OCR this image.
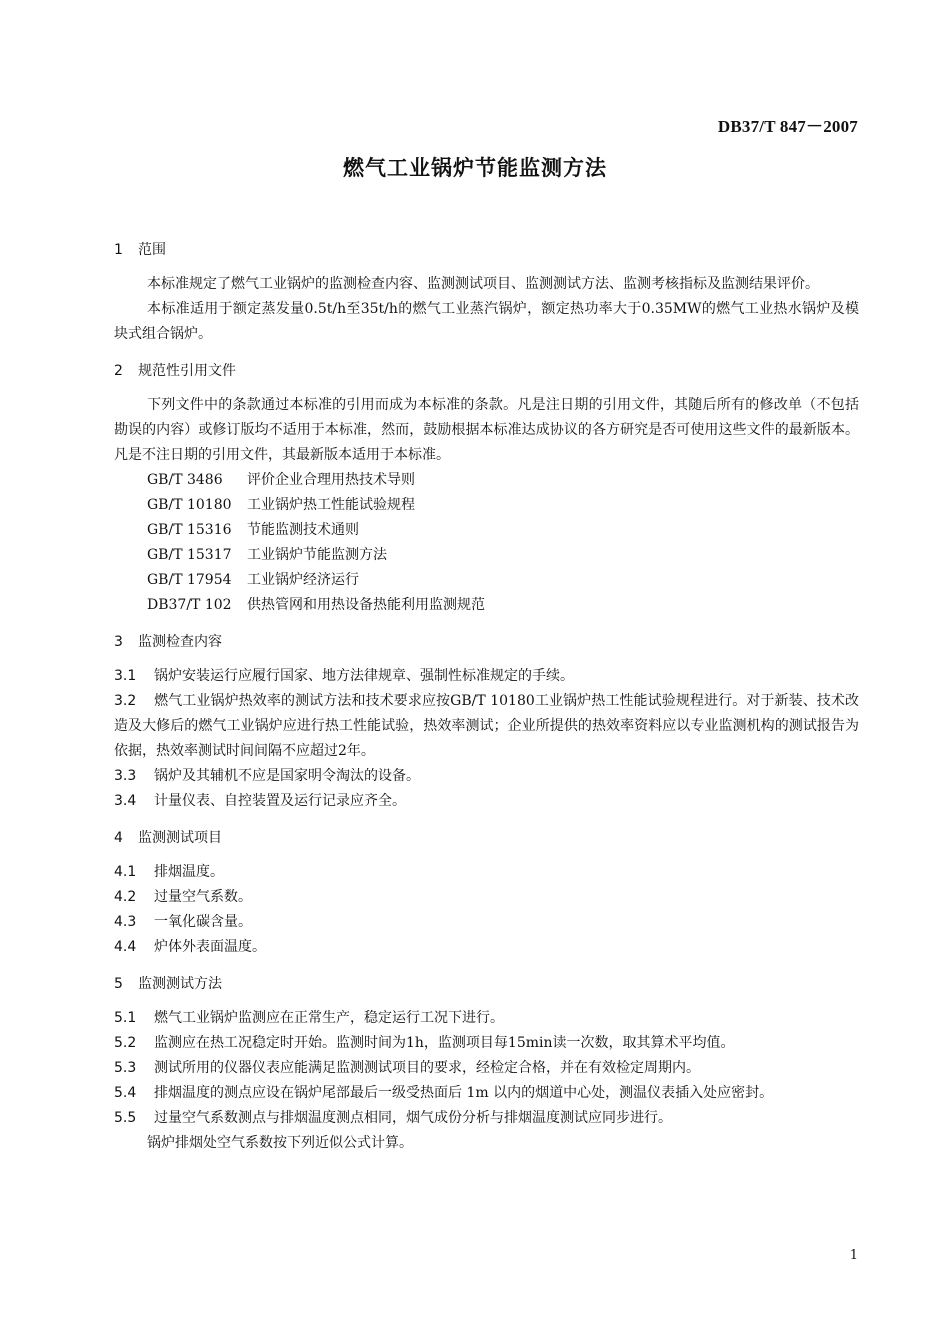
DB37/T 847－2007
燃气工业锅炉节能监测方法
1 范围

本标准规定了燃气工业锅炉的监测检查内容、监测测试项目、监测测试方法、监测考核指标及监测结果评价。

本标准适用于额定蒸发量0.5t/h至35t/h的燃气工业蒸汽锅炉，额定热功率大于0.35MW的燃气工业热水锅炉及模块式组合锅炉。

2 规范性引用文件

下列文件中的条款通过本标准的引用而成为本标准的条款。凡是注日期的引用文件，其随后所有的修改单（不包括勘误的内容）或修订版均不适用于本标准，然而，鼓励根据本标准达成协议的各方研究是否可使用这些文件的最新版本。凡是不注日期的引用文件，其最新版本适用于本标准。

GB/T 3486 评价企业合理用热技术导则
GB/T 10180 工业锅炉热工性能试验规程
GB/T 15316 节能监测技术通则
GB/T 15317 工业锅炉节能监测方法
GB/T 17954 工业锅炉经济运行
DB37/T 102 供热管网和用热设备热能利用监测规范
3 监测检查内容

3.1 锅炉安装运行应履行国家、地方法律规章、强制性标准规定的手续。

3.2 燃气工业锅炉热效率的测试方法和技术要求应按GB/T 10180工业锅炉热工性能试验规程进行。对于新装、技术改造及大修后的燃气工业锅炉应进行热工性能试验，热效率测试；企业所提供的热效率资料应以专业监测机构的测试报告为依据，热效率测试时间间隔不应超过2年。

3.3 锅炉及其辅机不应是国家明令淘汰的设备。

3.4 计量仪表、自控装置及运行记录应齐全。

4 监测测试项目

4.1 排烟温度。

4.2 过量空气系数。

4.3 一氧化碳含量。

4.4 炉体外表面温度。

5 监测测试方法

5.1 燃气工业锅炉监测应在正常生产，稳定运行工况下进行。

5.2 监测应在热工况稳定时开始。监测时间为1h，监测项目每15min读一次数，取其算术平均值。

5.3 测试所用的仪器仪表应能满足监测测试项目的要求，经检定合格，并在有效检定周期内。

5.4 排烟温度的测点应设在锅炉尾部最后一级受热面后 1m 以内的烟道中心处，测温仪表插入处应密封。

5.5 过量空气系数测点与排烟温度测点相同，烟气成份分析与排烟温度测试应同步进行。

锅炉排烟处空气系数按下列近似公式计算。

1
